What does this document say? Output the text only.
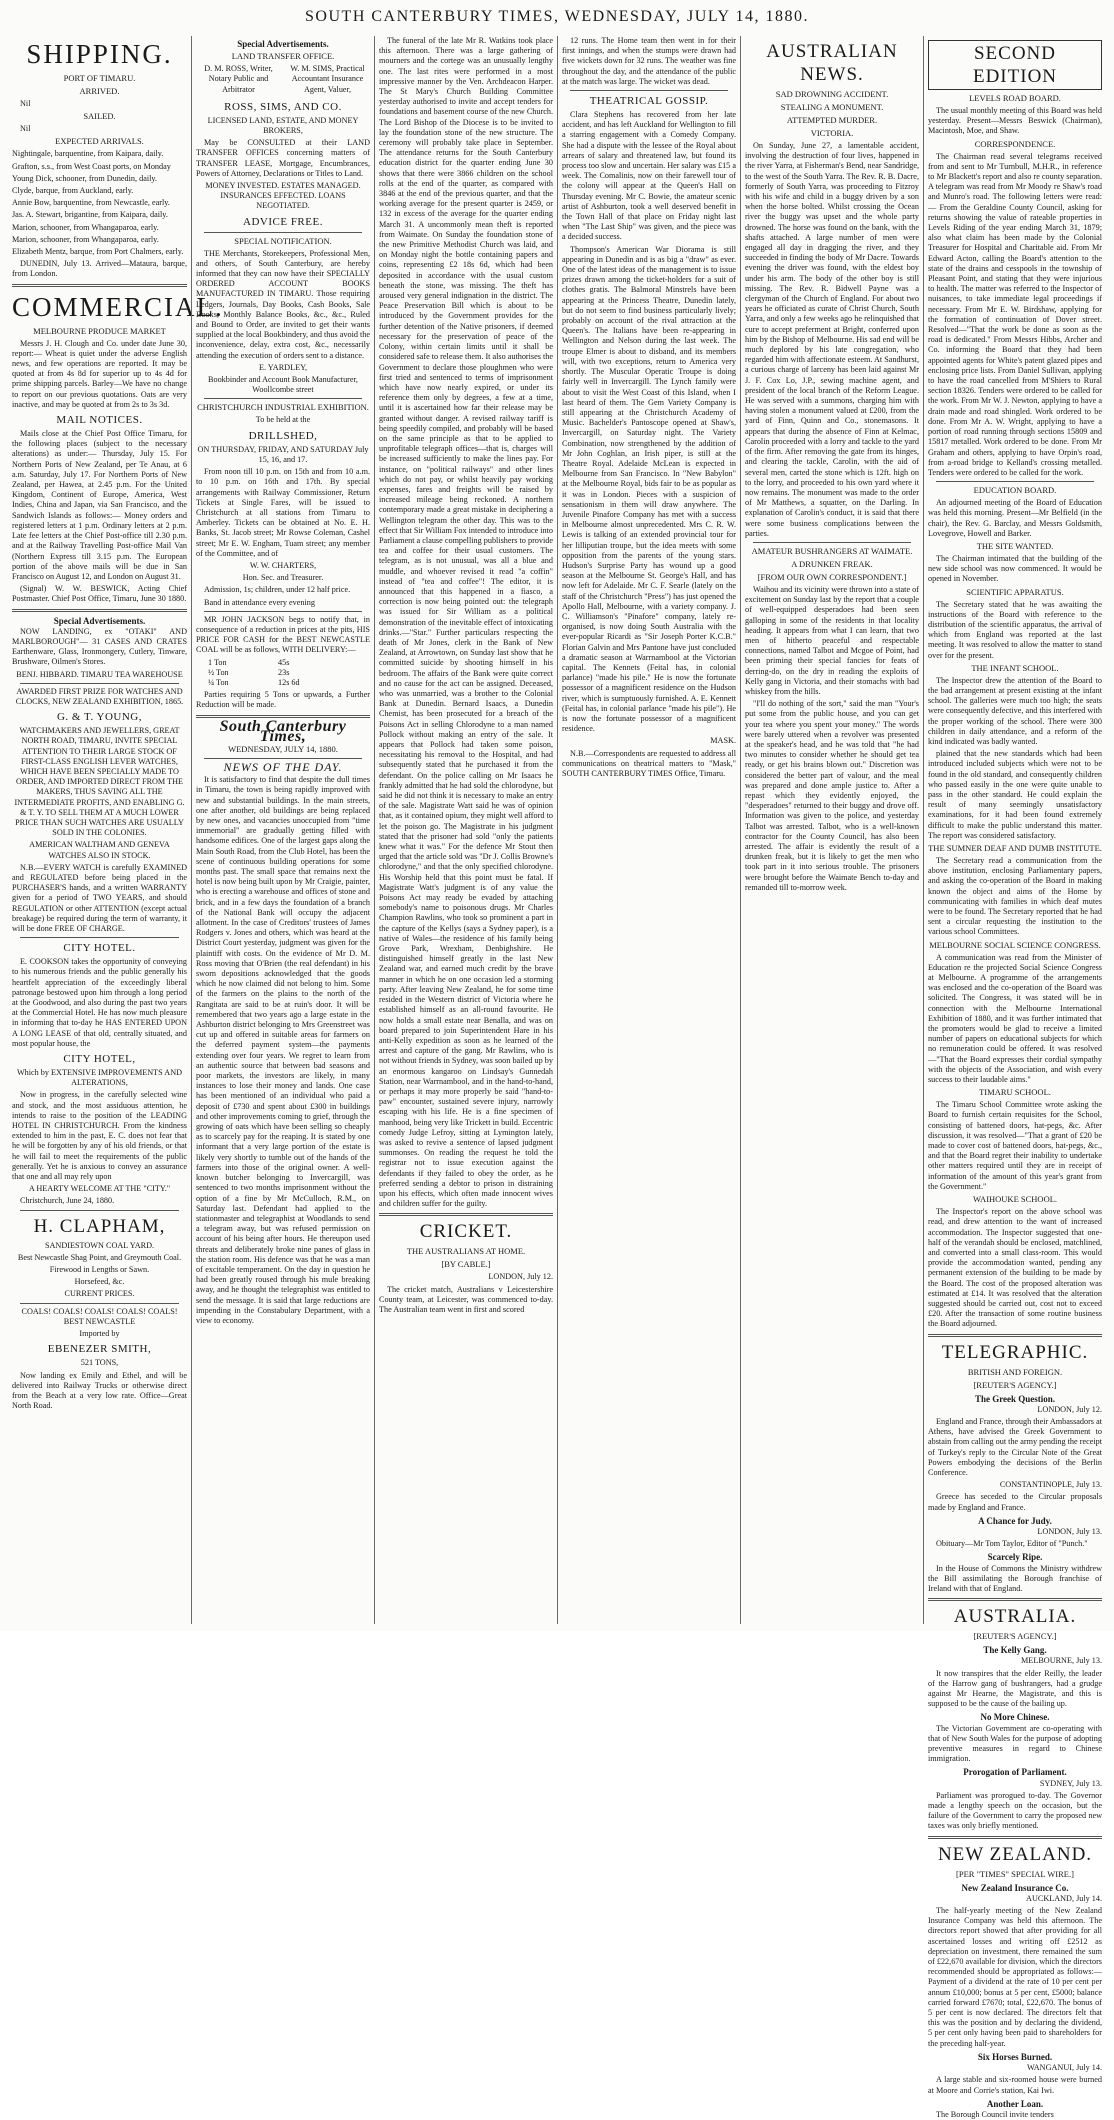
SOUTH CANTERBURY TIMES, WEDNESDAY, JULY 14, 1880.
SHIPPING.
PORT OF TIMARU.
ARRIVED.

Nil

SAILED.

Nil

EXPECTED ARRIVALS.

Nightingale, barquentine, from Kaipara, daily.

Grafton, s.s., from West Coast ports, on Monday

Young Dick, schooner, from Dunedin, daily.

Clyde, barque, from Auckland, early.

Annie Bow, barquentine, from Newcastle, early.

Jas. A. Stewart, brigantine, from Kaipara, daily.

Marion, schooner, from Whangaparoa, early.

Marion, schooner, from Whangaparoa, early.

Elizabeth Mentz, barque, from Port Chalmers, early.

DUNEDIN, July 13. Arrived—Mataura, barque, from London.

COMMERCIAL.
MELBOURNE PRODUCE MARKET

Messrs J. H. Clough and Co. under date June 30, report:— Wheat is quiet under the adverse English news, and few operations are reported. It may be quoted at from 4s 8d for superior up to 4s 4d for prime shipping parcels. Barley—We have no change to report on our previous quotations. Oats are very inactive, and may be quoted at from 2s to 3s 3d.

MAIL NOTICES.

Mails close at the Chief Post Office Timaru, for the following places (subject to the necessary alterations) as under:— Thursday, July 15. For Northern Ports of New Zealand, per Te Anau, at 6 a.m. Saturday, July 17. For Northern Ports of New Zealand, per Hawea, at 2.45 p.m. For the United Kingdom, Continent of Europe, America, West Indies, China and Japan, via San Francisco, and the Sandwich Islands as follows:— Money orders and registered letters at 1 p.m. Ordinary letters at 2 p.m. Late fee letters at the Chief Post-office till 2.30 p.m. and at the Railway Travelling Post-office Mail Van (Northern Express till 3.15 p.m. The European portion of the above mails will be due in San Francisco on August 12, and London on August 31.

(Signal) W. W. BESWICK, Acting Chief Postmaster. Chief Post Office, Timaru, June 30 1880.

Special Advertisements.

NOW LANDING, ex "OTAKI" AND MARLBOROUGH"— 31 CASES AND CRATES Earthenware, Glass, Ironmongery, Cutlery, Tinware, Brushware, Oilmen's Stores.

BENJ. HIBBARD. TIMARU TEA WAREHOUSE

AWARDED FIRST PRIZE FOR WATCHES AND CLOCKS, NEW ZEALAND EXHIBITION, 1865.

G. & T. YOUNG,

WATCHMAKERS AND JEWELLERS, GREAT NORTH ROAD, TIMARU, INVITE SPECIAL ATTENTION TO THEIR LARGE STOCK OF FIRST-CLASS ENGLISH LEVER WATCHES, WHICH HAVE BEEN SPECIALLY MADE TO ORDER, AND IMPORTED DIRECT FROM THE MAKERS, THUS SAVING ALL THE INTERMEDIATE PROFITS, AND ENABLING G. & T. Y. TO SELL THEM AT A MUCH LOWER PRICE THAN SUCH WATCHES ARE USUALLY SOLD IN THE COLONIES.

AMERICAN WALTHAM AND GENEVA WATCHES ALSO IN STOCK.

N.B.—EVERY WATCH is carefully EXAMINED and REGULATED before being placed in the PURCHASER'S hands, and a written WARRANTY given for a period of TWO YEARS, and should REGULATION or other ATTENTION (except actual breakage) be required during the term of warranty, it will be done FREE OF CHARGE.

CITY HOTEL.

E. COOKSON takes the opportunity of conveying to his numerous friends and the public generally his heartfelt appreciation of the exceedingly liberal patronage bestowed upon him through a long period at the Goodwood, and also during the past two years at the Commercial Hotel. He has now much pleasure in informing that to-day he HAS ENTERED UPON A LONG LEASE of that old, centrally situated, and most popular house, the

CITY HOTEL,

Which by EXTENSIVE IMPROVEMENTS AND ALTERATIONS,

Now in progress, in the carefully selected wine and stock, and the most assiduous attention, he intends to raise to the position of the LEADING HOTEL IN CHRISTCHURCH. From the kindness extended to him in the past, E. C. does not fear that he will be forgotten by any of his old friends, or that he will fail to meet the requirements of the public generally. Yet he is anxious to convey an assurance that one and all may rely upon

A HEARTY WELCOME AT THE "CITY."

Christchurch, June 24, 1880.

H. CLAPHAM,

SANDIESTOWN COAL YARD.

Best Newcastle Shag Point, and Greymouth Coal.

Firewood in Lengths or Sawn.

Horsefeed, &c.

CURRENT PRICES.

COALS! COALS! COALS! COALS! COALS! BEST NEWCASTLE

Imported by

EBENEZER SMITH,

521 TONS,

Now landing ex Emily and Ethel, and will be delivered into Railway Trucks or otherwise direct from the Beach at a very low rate. Office—Great North Road.

Special Advertisements.
LAND TRANSFER OFFICE.

D. M. ROSS, Writer, Notary Public and Arbitrator

W. M. SIMS, Practical Accountant Insurance Agent, Valuer,

ROSS, SIMS, AND CO.

LICENSED LAND, ESTATE, AND MONEY BROKERS,

May be CONSULTED at their LAND TRANSFER OFFICES concerning matters of TRANSFER LEASE, Mortgage, Encumbrances, Powers of Attorney, Declarations or Titles to Land.

MONEY INVESTED. ESTATES MANAGED. INSURANCES EFFECTED. LOANS NEGOTIATED.

ADVICE FREE.
SPECIAL NOTIFICATION.

THE Merchants, Storekeepers, Professional Men, and others, of South Canterbury, are hereby informed that they can now have their SPECIALLY ORDERED ACCOUNT BOOKS MANUFACTURED IN TIMARU. Those requiring Ledgers, Journals, Day Books, Cash Books, Sale Books, Monthly Balance Books, &c., &c., Ruled and Bound to Order, are invited to get their wants supplied at the local Bookbindery, and thus avoid the inconvenience, delay, extra cost, &c., necessarily attending the execution of orders sent to a distance.

E. YARDLEY,

Bookbinder and Account Book Manufacturer, Woollcombe street

CHRISTCHURCH INDUSTRIAL EXHIBITION.

To be held at the

DRILLSHED,

ON THURSDAY, FRIDAY, AND SATURDAY July 15, 16, and 17.

From noon till 10 p.m. on 15th and from 10 a.m. to 10 p.m. on 16th and 17th. By special arrangements with Railway Commissioner, Return Tickets at Single Fares, will be issued to Christchurch at all stations from Timaru to Amberley. Tickets can be obtained at No. E. H. Banks, St. Jacob street; Mr Rowse Coleman, Cashel street; Mr E. W. Engham, Tuam street; any member of the Committee, and of

W. W. CHARTERS,

Hon. Sec. and Treasurer.

Admission, 1s; children, under 12 half price.

Band in attendance every evening

MR JOHN JACKSON begs to notify that, in consequence of a reduction in prices at the pits, HIS PRICE FOR CASH for the BEST NEWCASTLE COAL will be as follows, WITH DELIVERY:—

1 Ton	45s
½ Ton	23s
¼ Ton	12s 6d

Parties requiring 5 Tons or upwards, a Further Reduction will be made.

South Canterbury Times,
WEDNESDAY, JULY 14, 1880.
NEWS OF THE DAY.

It is satisfactory to find that despite the dull times in Timaru, the town is being rapidly improved with new and substantial buildings. In the main streets, one after another, old buildings are being replaced by new ones, and vacancies unoccupied from "time immemorial" are gradually getting filled with handsome edifices. One of the largest gaps along the Main South Road, from the Club Hotel, has been the scene of continuous building operations for some months past. The small space that remains next the hotel is now being built upon by Mr Craigie, painter, who is erecting a warehouse and offices of stone and brick, and in a few days the foundation of a branch of the National Bank will occupy the adjacent allotment. In the case of Creditors' trustees of James Rodgers v. Jones and others, which was heard at the District Court yesterday, judgment was given for the plaintiff with costs. On the evidence of Mr D. M. Ross moving that O'Brien (the real defendant) in his sworn depositions acknowledged that the goods which he now claimed did not belong to him. Some of the farmers on the plains to the north of the Rangitata are said to be at ruin's door. It will be remembered that two years ago a large estate in the Ashburton district belonging to Mrs Greenstreet was cut up and offered in suitable areas for farmers on the deferred payment system—the payments extending over four years. We regret to learn from an authentic source that between bad seasons and poor markets, the investors are likely, in many instances to lose their money and lands. One case has been mentioned of an individual who paid a deposit of £730 and spent about £300 in buildings and other improvements coming to grief, through the growing of oats which have been selling so cheaply as to scarcely pay for the reaping. It is stated by one informant that a very large portion of the estate is likely very shortly to tumble out of the hands of the farmers into those of the original owner. A well-known butcher belonging to Invercargill, was sentenced to two months imprisonment without the option of a fine by Mr McCulloch, R.M., on Saturday last. Defendant had applied to the stationmaster and telegraphist at Woodlands to send a telegram away, but was refused permission on account of his being after hours. He thereupon used threats and deliberately broke nine panes of glass in the station room. His defence was that he was a man of excitable temperament. On the day in question he had been greatly roused through his mule breaking away, and he thought the telegraphist was entitled to send the message. It is said that large reductions are impending in the Constabulary Department, with a view to economy.

The funeral of the late Mr R. Watkins took place this afternoon. There was a large gathering of mourners and the cortege was an unusually lengthy one. The last rites were performed in a most impressive manner by the Ven. Archdeacon Harper. The St Mary's Church Building Committee yesterday authorised to invite and accept tenders for foundations and basement course of the new Church. The Lord Bishop of the Diocese is to be invited to lay the foundation stone of the new structure. The ceremony will probably take place in September. The attendance returns for the South Canterbury education district for the quarter ending June 30 shows that there were 3866 children on the school rolls at the end of the quarter, as compared with 3846 at the end of the previous quarter, and that the working average for the present quarter is 2459, or 132 in excess of the average for the quarter ending March 31. A uncommonly mean theft is reported from Waimate. On Sunday the foundation stone of the new Primitive Methodist Church was laid, and on Monday night the bottle containing papers and coins, representing £2 18s 6d, which had been deposited in accordance with the usual custom beneath the stone, was missing. The theft has aroused very general indignation in the district. The Peace Preservation Bill which is about to be introduced by the Government provides for the further detention of the Native prisoners, if deemed necessary for the preservation of peace of the Colony, within certain limits until it shall be considered safe to release them. It also authorises the Government to declare those ploughmen who were first tried and sentenced to terms of imprisonment which have now nearly expired, or under its reference them only by degrees, a few at a time, until it is ascertained how far their release may be granted without danger. A revised railway tariff is being speedily compiled, and probably will be based on the same principle as that to be applied to unprofitable telegraph offices—that is, charges will be increased sufficiently to make the lines pay. For instance, on "political railways" and other lines which do not pay, or whilst heavily pay working expenses, fares and freights will be raised by increased mileage being reckoned. A northern contemporary made a great mistake in deciphering a Wellington telegram the other day. This was to the effect that Sir William Fox intended to introduce into Parliament a clause compelling publishers to provide tea and coffee for their usual customers. The telegram, as is not unusual, was all a blue and muddle, and whoever revised it read "a coffin" instead of "tea and coffee"! The editor, it is announced that this happened in a fiasco, a correction is now being pointed out: the telegraph was issued for Sir William as a political demonstration of the inevitable effect of intoxicating drinks.—"Star." Further particulars respecting the death of Mr Jones, clerk in the Bank of New Zealand, at Arrowtown, on Sunday last show that he committed suicide by shooting himself in his bedroom. The affairs of the Bank were quite correct and no cause for the act can be assigned. Deceased, who was unmarried, was a brother to the Colonial Bank at Dunedin. Bernard Isaacs, a Dunedin Chemist, has been prosecuted for a breach of the Poisons Act in selling Chlorodyne to a man named Pollock without making an entry of the sale. It appears that Pollock had taken some poison, necessitating his removal to the Hospital, and had subsequently stated that he purchased it from the defendant. On the police calling on Mr Isaacs he frankly admitted that he had sold the chlorodyne, but said he did not think it is necessary to make an entry of the sale. Magistrate Watt said he was of opinion that, as it contained opium, they might well afford to let the poison go. The Magistrate in his judgment stated that the prisoner had sold "only the patients knew what it was." For the defence Mr Stout then urged that the article sold was "Dr J. Collis Browne's chlorodyne," and that the only specified chlorodyne. His Worship held that this point must be fatal. If Magistrate Watt's judgment is of any value the Poisons Act may ready be evaded by attaching somebody's name to poisonous drugs. Mr Charles Champion Rawlins, who took so prominent a part in the capture of the Kellys (says a Sydney paper), is a native of Wales—the residence of his family being Grove Park, Wrexham, Denbighshire. He distinguished himself greatly in the last New Zealand war, and earned much credit by the brave manner in which he on one occasion led a storming party. After leaving New Zealand, he for some time resided in the Western district of Victoria where he established himself as an all-round favourite. He now holds a small estate near Benalla, and was on board prepared to join Superintendent Hare in his anti-Kelly expedition as soon as he learned of the arrest and capture of the gang. Mr Rawlins, who is not without friends in Sydney, was soon bailed up by an enormous kangaroo on Lindsay's Gunnedah Station, near Warrnambool, and in the hand-to-hand, or perhaps it may more properly be said "hand-to-paw" encounter, sustained severe injury, narrowly escaping with his life. He is a fine specimen of manhood, being very like Trickett in build. Eccentric comedy Judge Lefroy, sitting at Lymington lately, was asked to revive a sentence of lapsed judgment summonses. On reading the request he told the registrar not to issue execution against the defendants if they failed to obey the order, as he preferred sending a debtor to prison in distraining upon his effects, which often made innocent wives and children suffer for the guilty.

CRICKET.
THE AUSTRALIANS AT HOME.
[BY CABLE.]

LONDON, July 12.

The cricket match, Australians v Leicestershire County team, at Leicester, was commenced to-day. The Australian team went in first and scored

12 runs. The Home team then went in for their first innings, and when the stumps were drawn had five wickets down for 32 runs. The weather was fine throughout the day, and the attendance of the public at the match was large. The wicket was dead.

THEATRICAL GOSSIP.

Clara Stephens has recovered from her late accident, and has left Auckland for Wellington to fill a starring engagement with a Comedy Company. She had a dispute with the lessee of the Royal about arrears of salary and threatened law, but found its process too slow and uncertain. Her salary was £15 a week. The Comalinis, now on their farewell tour of the colony will appear at the Queen's Hall on Thursday evening. Mr C. Bowie, the amateur scenic artist of Ashburton, took a well deserved benefit in the Town Hall of that place on Friday night last when "The Last Ship" was given, and the piece was a decided success.

Thompson's American War Diorama is still appearing in Dunedin and is as big a "draw" as ever. One of the latest ideas of the management is to issue prizes drawn among the ticket-holders for a suit of clothes gratis. The Balmoral Minstrels have been appearing at the Princess Theatre, Dunedin lately, but do not seem to find business particularly lively; probably on account of the rival attraction at the Queen's. The Italians have been re-appearing in Wellington and Nelson during the last week. The troupe Elmer is about to disband, and its members will, with two exceptions, return to America very shortly. The Muscular Operatic Troupe is doing fairly well in Invercargill. The Lynch family were about to visit the West Coast of this Island, when I last heard of them. The Gem Variety Company is still appearing at the Christchurch Academy of Music. Bachelder's Pantoscope opened at Shaw's, Invercargill, on Saturday night. The Variety Combination, now strengthened by the addition of Mr John Coghlan, an Irish piper, is still at the Theatre Royal. Adelaide McLean is expected in Melbourne from San Francisco. In "New Babylon" at the Melbourne Royal, bids fair to be as popular as it was in London. Pieces with a suspicion of sensationism in them will draw anywhere. The Juvenile Pinafore Company has met with a success in Melbourne almost unprecedented. Mrs C. R. W. Lewis is talking of an extended provincial tour for her lilliputian troupe, but the idea meets with some opposition from the parents of the young stars. Hudson's Surprise Party has wound up a good season at the Melbourne St. George's Hall, and has now left for Adelaide. Mr C. F. Searle (lately on the staff of the Christchurch "Press") has just opened the Apollo Hall, Melbourne, with a variety company. J. C. Williamson's "Pinafore" company, lately re-organised, is now doing South Australia with the ever-popular Ricardi as "Sir Joseph Porter K.C.B." Florian Galvin and Mrs Pantone have just concluded a dramatic season at Warrnambool at the Victorian capital. The Kennets (Feital has, in colonial parlance) "made his pile." He is now the fortunate possessor of a magnificent residence on the Hudson river, which is sumptuously furnished. A. E. Kennett (Feital has, in colonial parlance "made his pile"). He is now the fortunate possessor of a magnificent residence.

MASK.

N.B.—Correspondents are requested to address all communications on theatrical matters to "Mask," SOUTH CANTERBURY TIMES Office, Timaru.

AUSTRALIAN NEWS.
SAD DROWNING ACCIDENT.
STEALING A MONUMENT.
ATTEMPTED MURDER.
VICTORIA.

On Sunday, June 27, a lamentable accident, involving the destruction of four lives, happened in the river Yarra, at Fisherman's Bend, near Sandridge, to the west of the South Yarra. The Rev. R. B. Dacre, formerly of South Yarra, was proceeding to Fitzroy with his wife and child in a buggy driven by a son when the horse bolted. Whilst crossing the Ocean river the buggy was upset and the whole party drowned. The horse was found on the bank, with the shafts attached. A large number of men were engaged all day in dragging the river, and they succeeded in finding the body of Mr Dacre. Towards evening the driver was found, with the eldest boy under his arm. The body of the other boy is still missing. The Rev. R. Bidwell Payne was a clergyman of the Church of England. For about two years he officiated as curate of Christ Church, South Yarra, and only a few weeks ago he relinquished that cure to accept preferment at Bright, conferred upon him by the Bishop of Melbourne. His sad end will be much deplored by his late congregation, who regarded him with affectionate esteem. At Sandhurst, a curious charge of larceny has been laid against Mr J. F. Cox Lo, J.P., sewing machine agent, and president of the local branch of the Reform League. He was served with a summons, charging him with having stolen a monument valued at £200, from the yard of Finn, Quinn and Co., stonemasons. It appears that during the absence of Finn at Kelmac, Carolin proceeded with a lorry and tackle to the yard of the firm. After removing the gate from its hinges, and clearing the tackle, Carolin, with the aid of several men, carted the stone which is 12ft. high on to the lorry, and proceeded to his own yard where it now remains. The monument was made to the order of Mr Matthews, a squatter, on the Darling. In explanation of Carolin's conduct, it is said that there were some business complications between the parties.

AMATEUR BUSHRANGERS AT WAIMATE.
A DRUNKEN FREAK.
[FROM OUR OWN CORRESPONDENT.]

Waihou and its vicinity were thrown into a state of excitement on Sunday last by the report that a couple of well-equipped desperadoes had been seen galloping in some of the residents in that locality heading. It appears from what I can learn, that two men of hitherto peaceful and respectable connections, named Talbot and Mcgoe of Point, had been priming their special fancies for feats of derring-do, on the dry in reading the exploits of Kelly gang in Victoria, and their stomachs with bad whiskey from the hills.

"I'll do nothing of the sort," said the man "Your's put some from the public house, and you can get your tea where you spent your money." The words were barely uttered when a revolver was presented at the speaker's head, and he was told that "he had two minutes to consider whether he should get tea ready, or get his brains blown out." Discretion was considered the better part of valour, and the meal was prepared and done ample justice to. After a repast which they evidently enjoyed, the "desperadoes" returned to their buggy and drove off. Information was given to the police, and yesterday Talbot was arrested. Talbot, who is a well-known contractor for the County Council, has also been arrested. The affair is evidently the result of a drunken freak, but it is likely to get the men who took part in it into serious trouble. The prisoners were brought before the Waimate Bench to-day and remanded till to-morrow week.

SECOND EDITION
LEVELS ROAD BOARD.

The usual monthly meeting of this Board was held yesterday. Present—Messrs Beswick (Chairman), Macintosh, Moe, and Shaw.

CORRESPONDENCE.

The Chairman read several telegrams received from and sent to Mr Turnbull, M.H.R., in reference to Mr Blackett's report and also re county separation. A telegram was read from Mr Moody re Shaw's road and Munro's road. The following letters were read:— From the Geraldine County Council, asking for returns showing the value of rateable properties in Levels Riding of the year ending March 31, 1879; also what claim has been made by the Colonial Treasurer for Hospital and Charitable aid. From Mr Edward Acton, calling the Board's attention to the state of the drains and cesspools in the township of Pleasant Point, and stating that they were injurious to health. The matter was referred to the Inspector of nuisances, to take immediate legal proceedings if necessary. From Mr E. W. Birdshaw, applying for the formation of continuation of Dover street. Resolved—"That the work be done as soon as the road is dedicated." From Messrs Hibbs, Archer and Co. informing the Board that they had been appointed agents for White's patent glazed pipes and enclosing price lists. From Daniel Sullivan, applying to have the road cancelled from M'Shiers to Rural section 18326. Tenders were ordered to be called for the work. From Mr W. J. Newton, applying to have a drain made and road shingled. Work ordered to be done. From Mr A. W. Wright, applying to have a portion of road running through sections 15809 and 15817 metalled. Work ordered to be done. From Mr Graham and others, applying to have Orpin's road, from a-road bridge to Kelland's crossing metalled. Tenders were ordered to be called for the work.

EDUCATION BOARD.

An adjourned meeting of the Board of Education was held this morning. Present—Mr Belfield (in the chair), the Rev. G. Barclay, and Messrs Goldsmith, Lovegrove, Howell and Barker.

THE SITE WANTED.

The Chairman intimated that the building of the new side school was now commenced. It would be opened in November.

SCIENTIFIC APPARATUS.

The Secretary stated that he was awaiting the instructions of the Board with reference to the distribution of the scientific apparatus, the arrival of which from England was reported at the last meeting. It was resolved to allow the matter to stand over for the present.

THE INFANT SCHOOL.

The Inspector drew the attention of the Board to the bad arrangement at present existing at the infant school. The galleries were much too high; the seats were consequently defective, and this interfered with the proper working of the school. There were 300 children in daily attendance, and a reform of the kind indicated was badly wanted.

plained that the new standards which had been introduced included subjects which were not to be found in the old standard, and consequently children who passed easily in the one were quite unable to pass in the other standard. He could explain the result of many seemingly unsatisfactory examinations, for it had been found extremely difficult to make the public understand this matter. The report was considered satisfactory.

THE SUMNER DEAF AND DUMB INSTITUTE.

The Secretary read a communication from the above institution, enclosing Parliamentary papers, and asking the co-operation of the Board in making known the object and aims of the Home by communicating with families in which deaf mutes were to be found. The Secretary reported that he had sent a circular requesting the institution to the various school Committees.

MELBOURNE SOCIAL SCIENCE CONGRESS.

A communication was read from the Minister of Education re the projected Social Science Congress at Melbourne. A programme of the arrangements was enclosed and the co-operation of the Board was solicited. The Congress, it was stated will be in connection with the Melbourne International Exhibition of 1880, and it was further intimated that the promoters would be glad to receive a limited number of papers on educational subjects for which no remuneration could be offered. It was resolved—"That the Board expresses their cordial sympathy with the objects of the Association, and wish every success to their laudable aims."

TIMARU SCHOOL.

The Timaru School Committee wrote asking the Board to furnish certain requisites for the School, consisting of battened doors, hat-pegs, &c. After discussion, it was resolved—"That a grant of £20 be made to cover cost of battened doors, hat-pegs, &c., and that the Board regret their inability to undertake other matters required until they are in receipt of information of the amount of this year's grant from the Government."

WAIHOUKE SCHOOL.

The Inspector's report on the above school was read, and drew attention to the want of increased accommodation. The Inspector suggested that one-half of the verandah should be enclosed, matchlined, and converted into a small class-room. This would provide the accommodation wanted, pending any permanent extension of the building to be made by the Board. The cost of the proposed alteration was estimated at £14. It was resolved that the alteration suggested should be carried out, cost not to exceed £20. After the transaction of some routine business the Board adjourned.

TELEGRAPHIC.
BRITISH AND FOREIGN.
[REUTER'S AGENCY.]
The Greek Question.

LONDON, July 12.

England and France, through their Ambassadors at Athens, have advised the Greek Government to abstain from calling out the army pending the receipt of Turkey's reply to the Circular Note of the Great Powers embodying the decisions of the Berlin Conference.

CONSTANTINOPLE, July 13.

Greece has seceded to the Circular proposals made by England and France.

A Chance for Judy.

LONDON, July 13.

Obituary—Mr Tom Taylor, Editor of "Punch."

Scarcely Ripe.

In the House of Commons the Ministry withdrew the Bill assimilating the Borough franchise of Ireland with that of England.

AUSTRALIA.
[REUTER'S AGENCY.]
The Kelly Gang.

MELBOURNE, July 13.

It now transpires that the elder Reilly, the leader of the Harrow gang of bushrangers, had a grudge against Mr Hearne, the Magistrate, and this is supposed to be the cause of the bailing up.

No More Chinese.

The Victorian Government are co-operating with that of New South Wales for the purpose of adopting preventive measures in regard to Chinese immigration.

Prorogation of Parliament.

SYDNEY, July 13.

Parliament was prorogued to-day. The Governor made a lengthy speech on the occasion, but the failure of the Government to carry the proposed new taxes was only briefly mentioned.

NEW ZEALAND.
[PER "TIMES" SPECIAL WIRE.]
New Zealand Insurance Co.

AUCKLAND, July 14.

The half-yearly meeting of the New Zealand Insurance Company was held this afternoon. The directors report showed that after providing for all ascertained losses and writing off £2512 as depreciation on investment, there remained the sum of £22,670 available for division, which the directors recommended should be appropriated as follows:—Payment of a dividend at the rate of 10 per cent per annum £10,000; bonus at 5 per cent, £5000; balance carried forward £7670; total, £22,670. The bonus of 5 per cent is now declared. The directors felt that this was the position and by declaring the dividend, 5 per cent only having been paid to shareholders for the preceding half-year.

Six Horses Burned.

WANGANUI, July 14.

A large stable and six-roomed house were burned at Moore and Corrie's station, Kai Iwi.

Another Loan.

The Borough Council invite tenders
